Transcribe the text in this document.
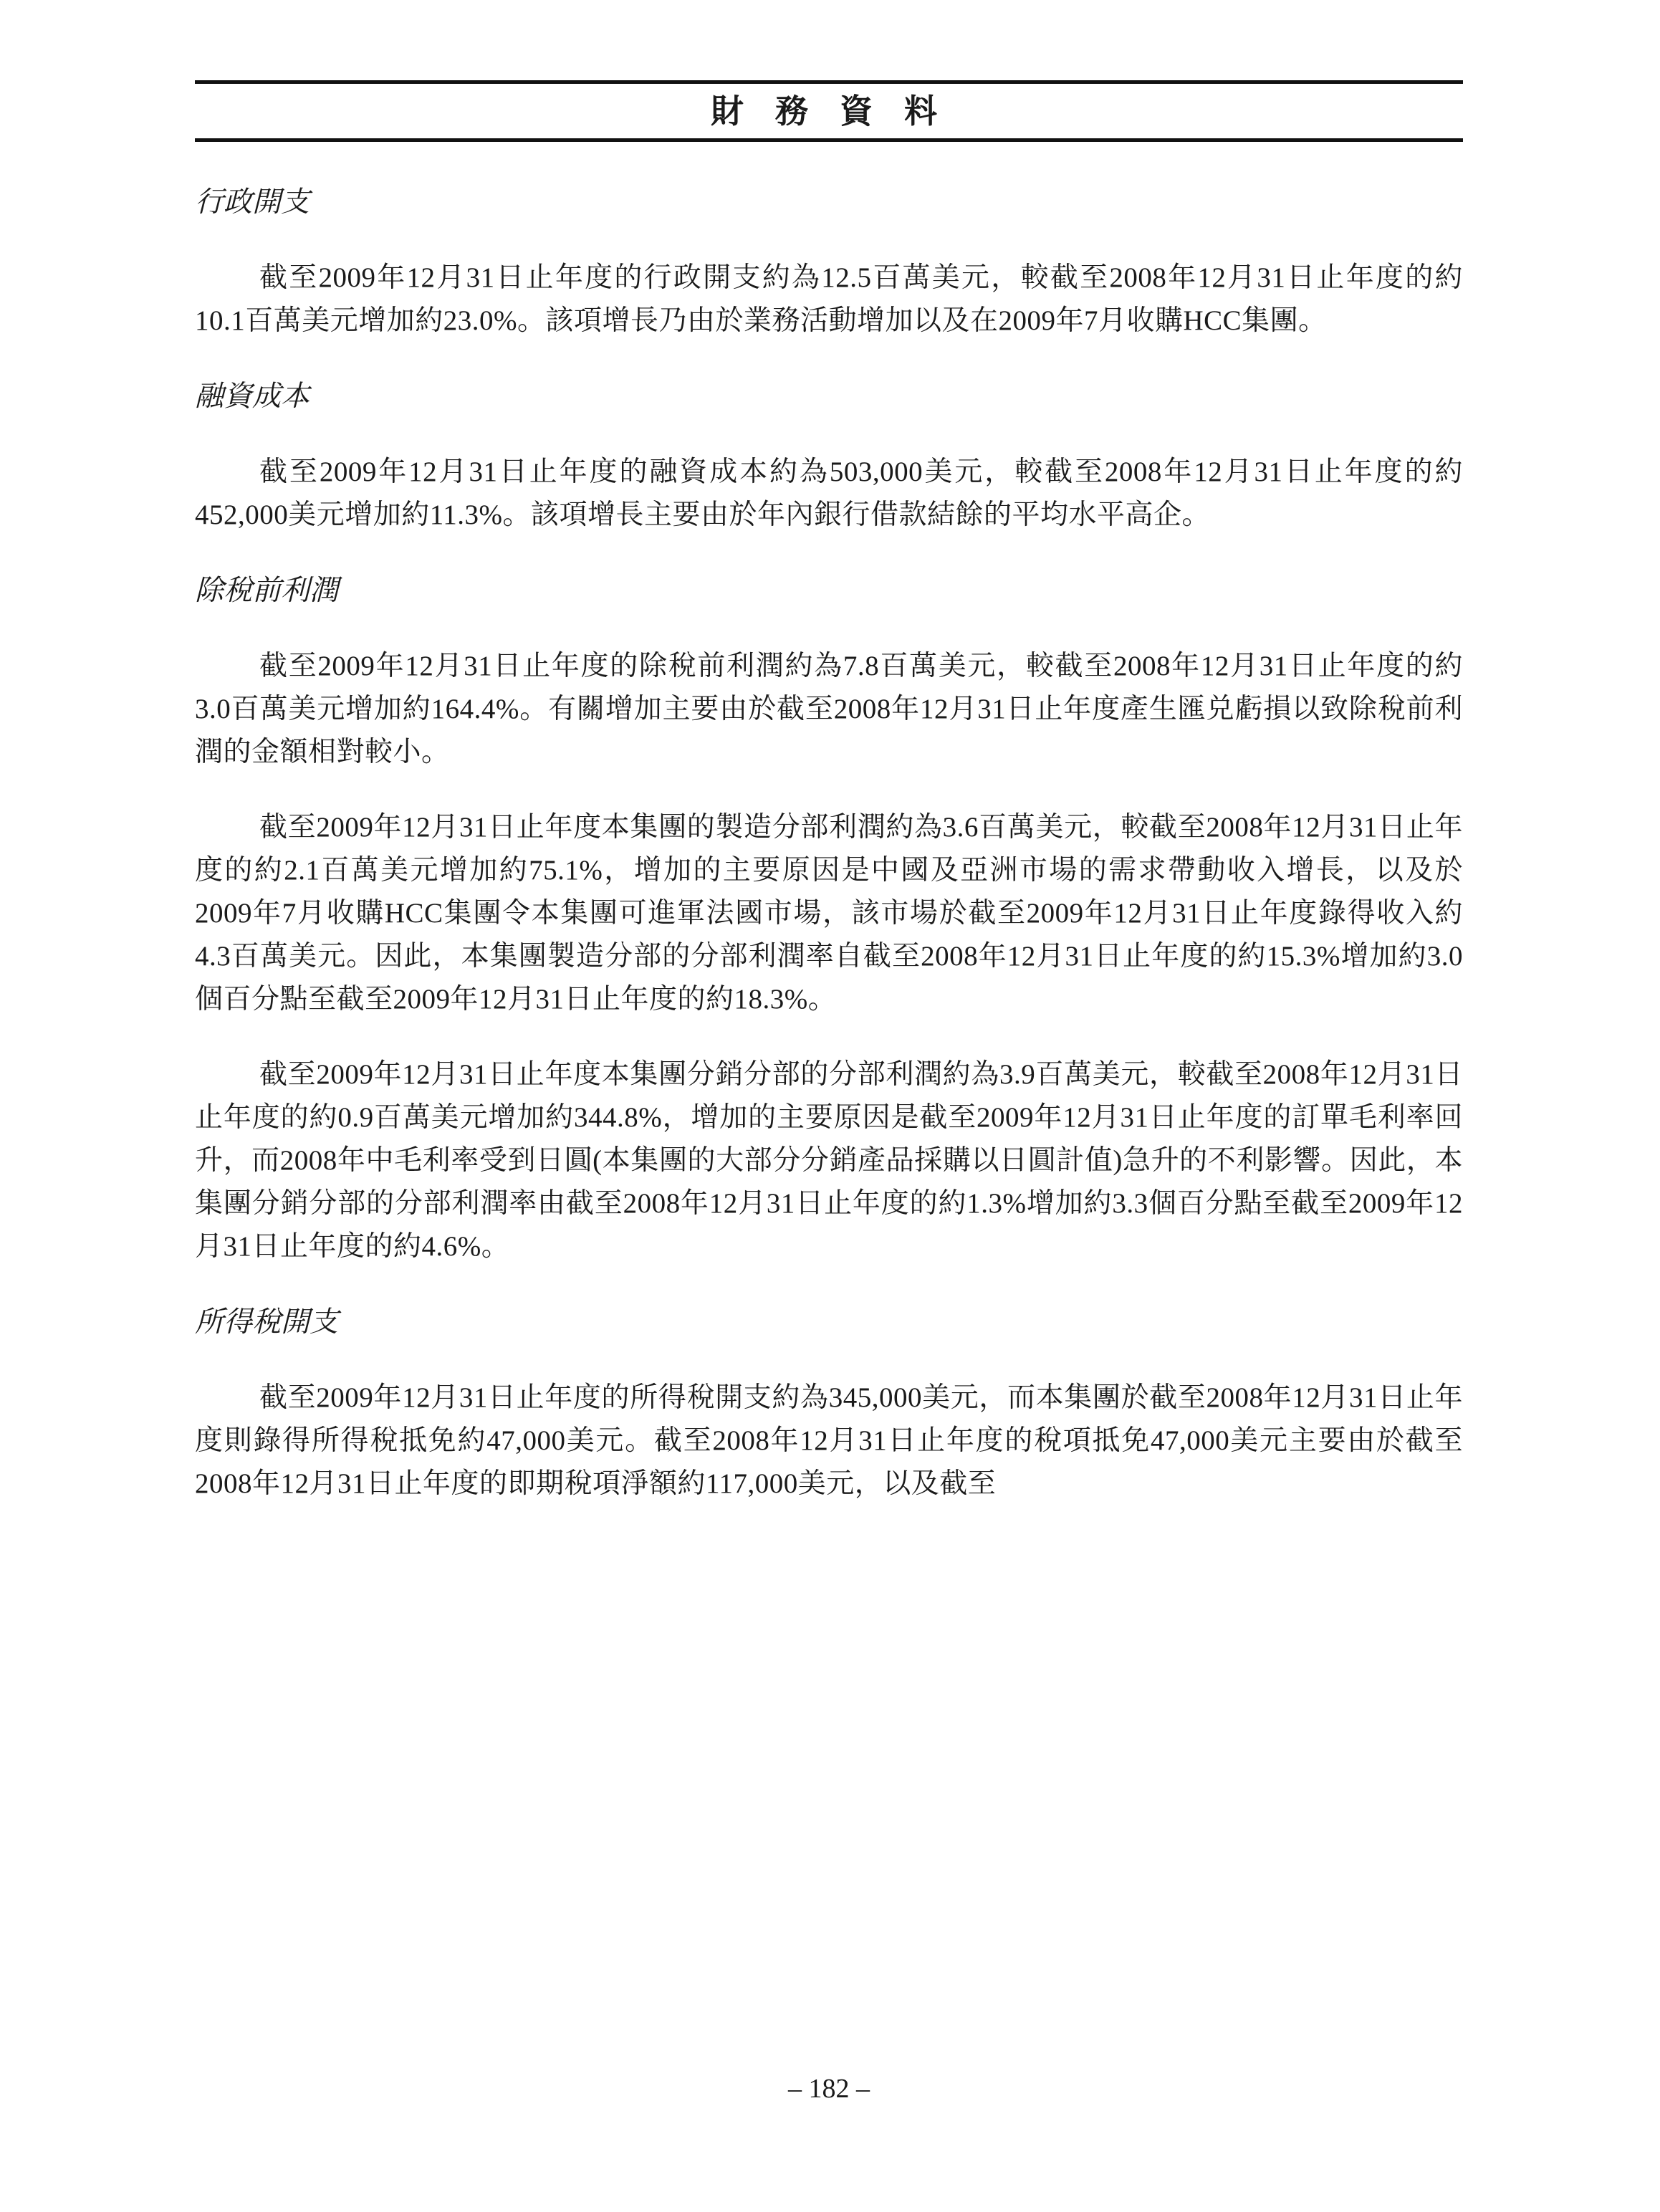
財 務 資 料
行政開支

截至2009年12月31日止年度的行政開支約為12.5百萬美元，較截至2008年12月31日止年度的約10.1百萬美元增加約23.0%。該項增長乃由於業務活動增加以及在2009年7月收購HCC集團。

融資成本

截至2009年12月31日止年度的融資成本約為503,000美元，較截至2008年12月31日止年度的約452,000美元增加約11.3%。該項增長主要由於年內銀行借款結餘的平均水平高企。

除稅前利潤

截至2009年12月31日止年度的除稅前利潤約為7.8百萬美元，較截至2008年12月31日止年度的約3.0百萬美元增加約164.4%。有關增加主要由於截至2008年12月31日止年度產生匯兑虧損以致除稅前利潤的金額相對較小。

截至2009年12月31日止年度本集團的製造分部利潤約為3.6百萬美元，較截至2008年12月31日止年度的約2.1百萬美元增加約75.1%，增加的主要原因是中國及亞洲市場的需求帶動收入增長，以及於2009年7月收購HCC集團令本集團可進軍法國市場，該市場於截至2009年12月31日止年度錄得收入約4.3百萬美元。因此，本集團製造分部的分部利潤率自截至2008年12月31日止年度的約15.3%增加約3.0個百分點至截至2009年12月31日止年度的約18.3%。

截至2009年12月31日止年度本集團分銷分部的分部利潤約為3.9百萬美元，較截至2008年12月31日止年度的約0.9百萬美元增加約344.8%，增加的主要原因是截至2009年12月31日止年度的訂單毛利率回升，而2008年中毛利率受到日圓(本集團的大部分分銷產品採購以日圓計值)急升的不利影響。因此，本集團分銷分部的分部利潤率由截至2008年12月31日止年度的約1.3%增加約3.3個百分點至截至2009年12月31日止年度的約4.6%。

所得稅開支

截至2009年12月31日止年度的所得稅開支約為345,000美元，而本集團於截至2008年12月31日止年度則錄得所得稅抵免約47,000美元。截至2008年12月31日止年度的稅項抵免47,000美元主要由於截至2008年12月31日止年度的即期稅項淨額約117,000美元，以及截至

– 182 –
